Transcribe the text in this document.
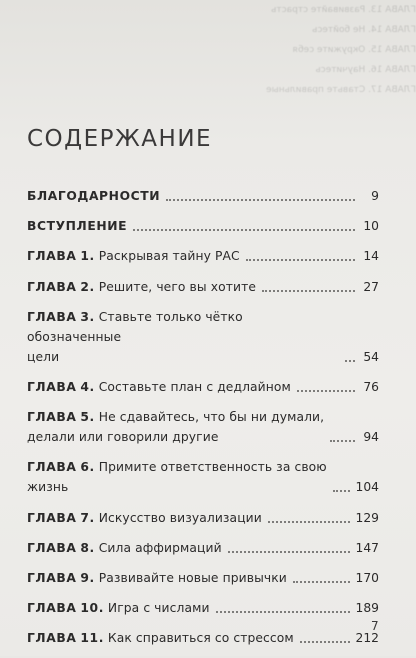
ГЛАВА 13. Развивайте страсть
ГЛАВА 14. Не бойтесь
ГЛАВА 15. Окружите себя
ГЛАВА 16. Научитесь
ГЛАВА 17. Ставьте правильные
СОДЕРЖАНИЕ
БЛАГОДАРНОСТИ	9
ВСТУПЛЕНИЕ	10
ГЛАВА 1. Раскрывая тайну РАС	14
ГЛАВА 2. Решите, чего вы хотите	27
ГЛАВА 3. Ставьте только чётко обозначенные
цели	54
ГЛАВА 4. Составьте план с дедлайном	76
ГЛАВА 5. Не сдавайтесь, что бы ни думали,
делали или говорили другие	94
ГЛАВА 6. Примите ответственность за свою
жизнь	104
ГЛАВА 7. Искусство визуализации	129
ГЛАВА 8. Сила аффирмаций	147
ГЛАВА 9. Развивайте новые привычки	170
ГЛАВА 10. Игра с числами	189
ГЛАВА 11. Как справиться со стрессом	212
7
